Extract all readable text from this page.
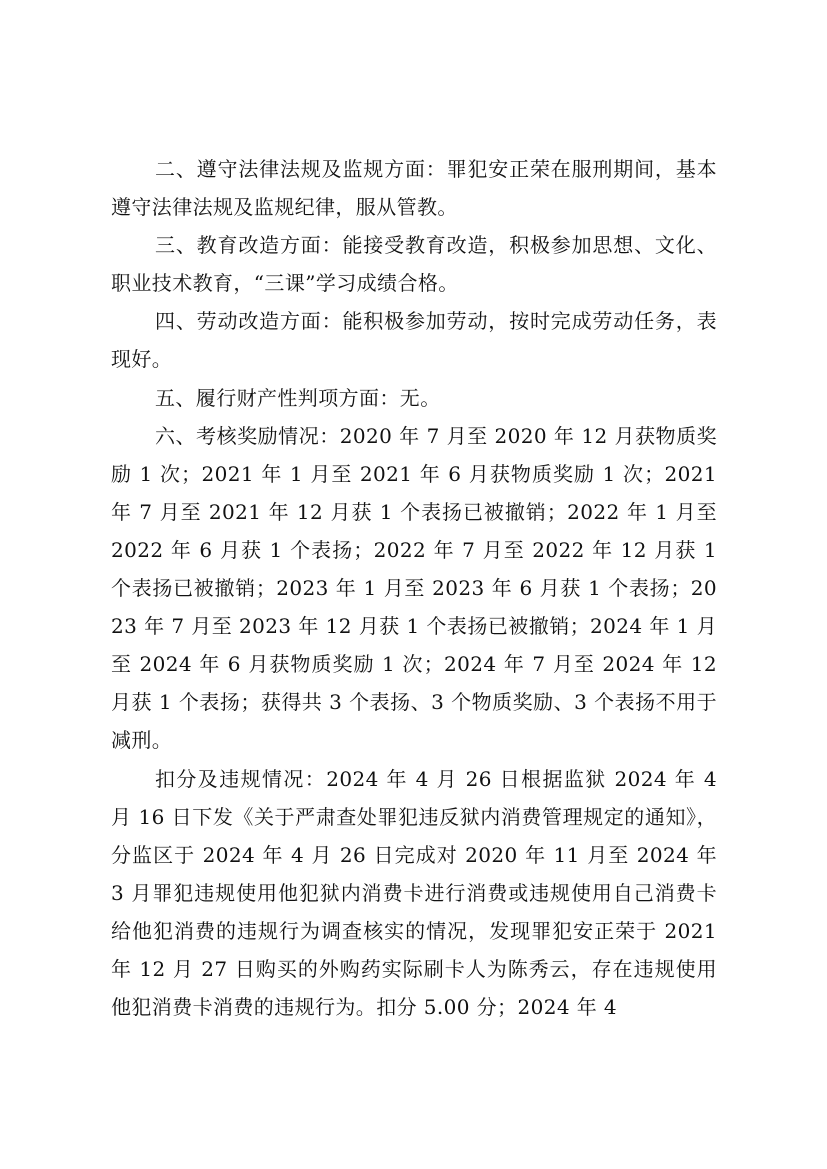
二、遵守法律法规及监规方面：罪犯安正荣在服刑期间，基本遵守法律法规及监规纪律，服从管教。

三、教育改造方面：能接受教育改造，积极参加思想、文化、职业技术教育，“三课”学习成绩合格。

四、劳动改造方面：能积极参加劳动，按时完成劳动任务，表现好。

五、履行财产性判项方面：无。

六、考核奖励情况：2020 年 7 月至 2020 年 12 月获物质奖励 1 次；2021 年 1 月至 2021 年 6 月获物质奖励 1 次；2021 年 7 月至 2021 年 12 月获 1 个表扬已被撤销；2022 年 1 月至 2022 年 6 月获 1 个表扬；2022 年 7 月至 2022 年 12 月获 1 个表扬已被撤销；2023 年 1 月至 2023 年 6 月获 1 个表扬；2023 年 7 月至 2023 年 12 月获 1 个表扬已被撤销；2024 年 1 月至 2024 年 6 月获物质奖励 1 次；2024 年 7 月至 2024 年 12 月获 1 个表扬；获得共 3 个表扬、3 个物质奖励、3 个表扬不用于减刑。

扣分及违规情况：2024 年 4 月 26 日根据监狱 2024 年 4 月 16 日下发《关于严肃查处罪犯违反狱内消费管理规定的通知》，分监区于 2024 年 4 月 26 日完成对 2020 年 11 月至 2024 年 3 月罪犯违规使用他犯狱内消费卡进行消费或违规使用自己消费卡给他犯消费的违规行为调查核实的情况，发现罪犯安正荣于 2021 年 12 月 27 日购买的外购药实际刷卡人为陈秀云，存在违规使用他犯消费卡消费的违规行为。扣分 5.00 分；2024 年 4
